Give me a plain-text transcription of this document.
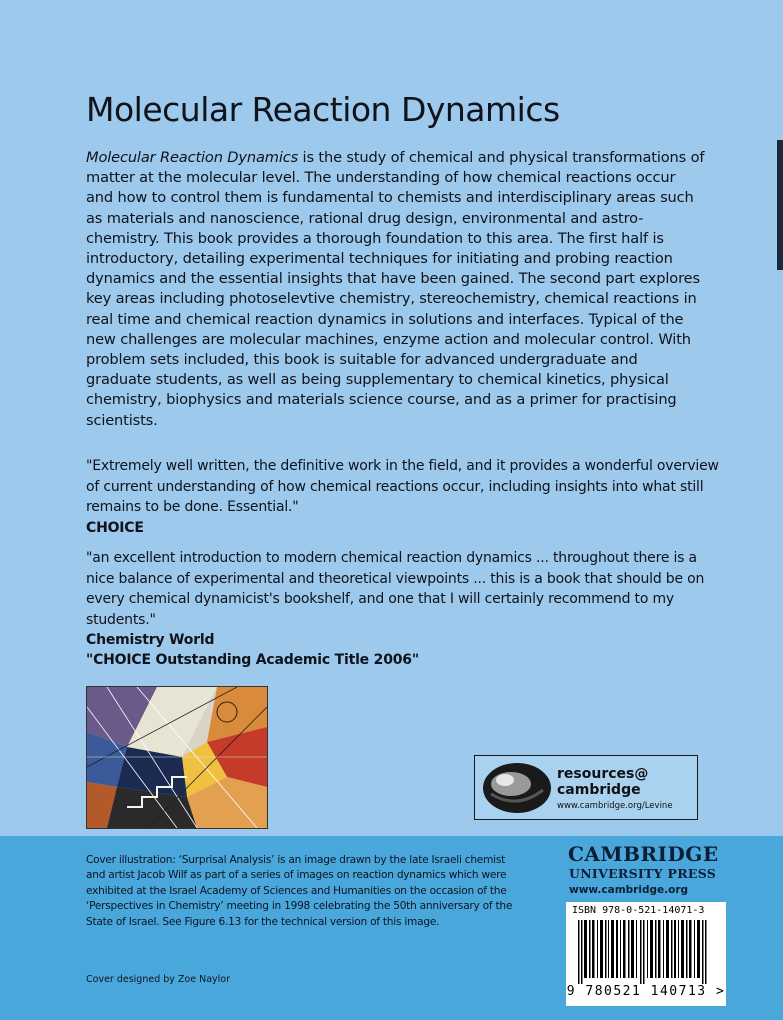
Molecular Reaction Dynamics

Molecular Reaction Dynamics is the study of chemical and physical transformations of matter at the molecular level. The understanding of how chemical reactions occur and how to control them is fundamental to chemists and interdisciplinary areas such as materials and nanoscience, rational drug design, environmental and astro-chemistry. This book provides a thorough foundation to this area. The first half is introductory, detailing experimental techniques for initiating and probing reaction dynamics and the essential insights that have been gained. The second part explores key areas including photoselevtive chemistry, stereochemistry, chemical reactions in real time and chemical reaction dynamics in solutions and interfaces. Typical of the new challenges are molecular machines, enzyme action and molecular control. With problem sets included, this book is suitable for advanced undergraduate and graduate students, as well as being supplementary to chemical kinetics, physical chemistry, biophysics and materials science course, and as a primer for practising scientists.

"Extremely well written, the definitive work in the field, and it provides a wonderful overview of current understanding of how chemical reactions occur, including insights into what still remains to be done. Essential."
CHOICE
"an excellent introduction to modern chemical reaction dynamics ... throughout there is a nice balance of experimental and theoretical viewpoints ... this is a book that should be on every chemical dynamicist's bookshelf, and one that I will certainly recommend to my students."
Chemistry World
"CHOICE Outstanding Academic Title 2006"
resources@
cambridge
www.cambridge.org/Levine

Cover illustration: ‘Surprisal Analysis’ is an image drawn by the late Israeli chemist and artist Jacob Wilf as part of a series of images on reaction dynamics which were exhibited at the Israel Academy of Sciences and Humanities on the occasion of the ‘Perspectives in Chemistry’ meeting in 1998 celebrating the 50th anniversary of the State of Israel. See Figure 6.13 for the technical version of this image.

Cover designed by Zoe Naylor
CAMBRIDGE
UNIVERSITY PRESS
www.cambridge.org
ISBN 978-0-521-14071-3
9 780521 140713 >
